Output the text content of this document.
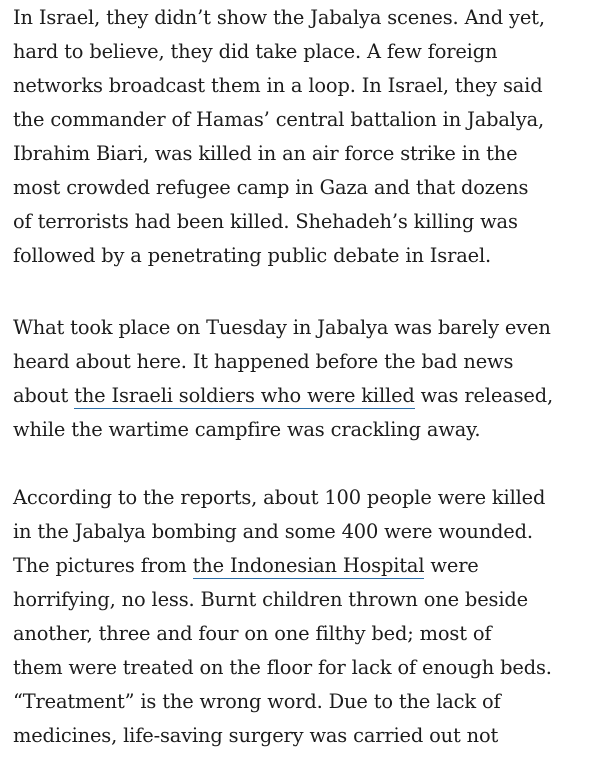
In Israel, they didn’t show the Jabalya scenes. And yet,
hard to believe, they did take place. A few foreign
networks broadcast them in a loop. In Israel, they said
the commander of Hamas’ central battalion in Jabalya,
Ibrahim Biari, was killed in an air force strike in the
most crowded refugee camp in Gaza and that dozens
of terrorists had been killed. Shehadeh’s killing was
followed by a penetrating public debate in Israel.

What took place on Tuesday in Jabalya was barely even
heard about here. It happened before the bad news
about the Israeli soldiers who were killed was released,
while the wartime campfire was crackling away.

According to the reports, about 100 people were killed
in the Jabalya bombing and some 400 were wounded.
The pictures from the Indonesian Hospital were
horrifying, no less. Burnt children thrown one beside
another, three and four on one filthy bed; most of
them were treated on the floor for lack of enough beds.
“Treatment” is the wrong word. Due to the lack of
medicines, life-saving surgery was carried out not
